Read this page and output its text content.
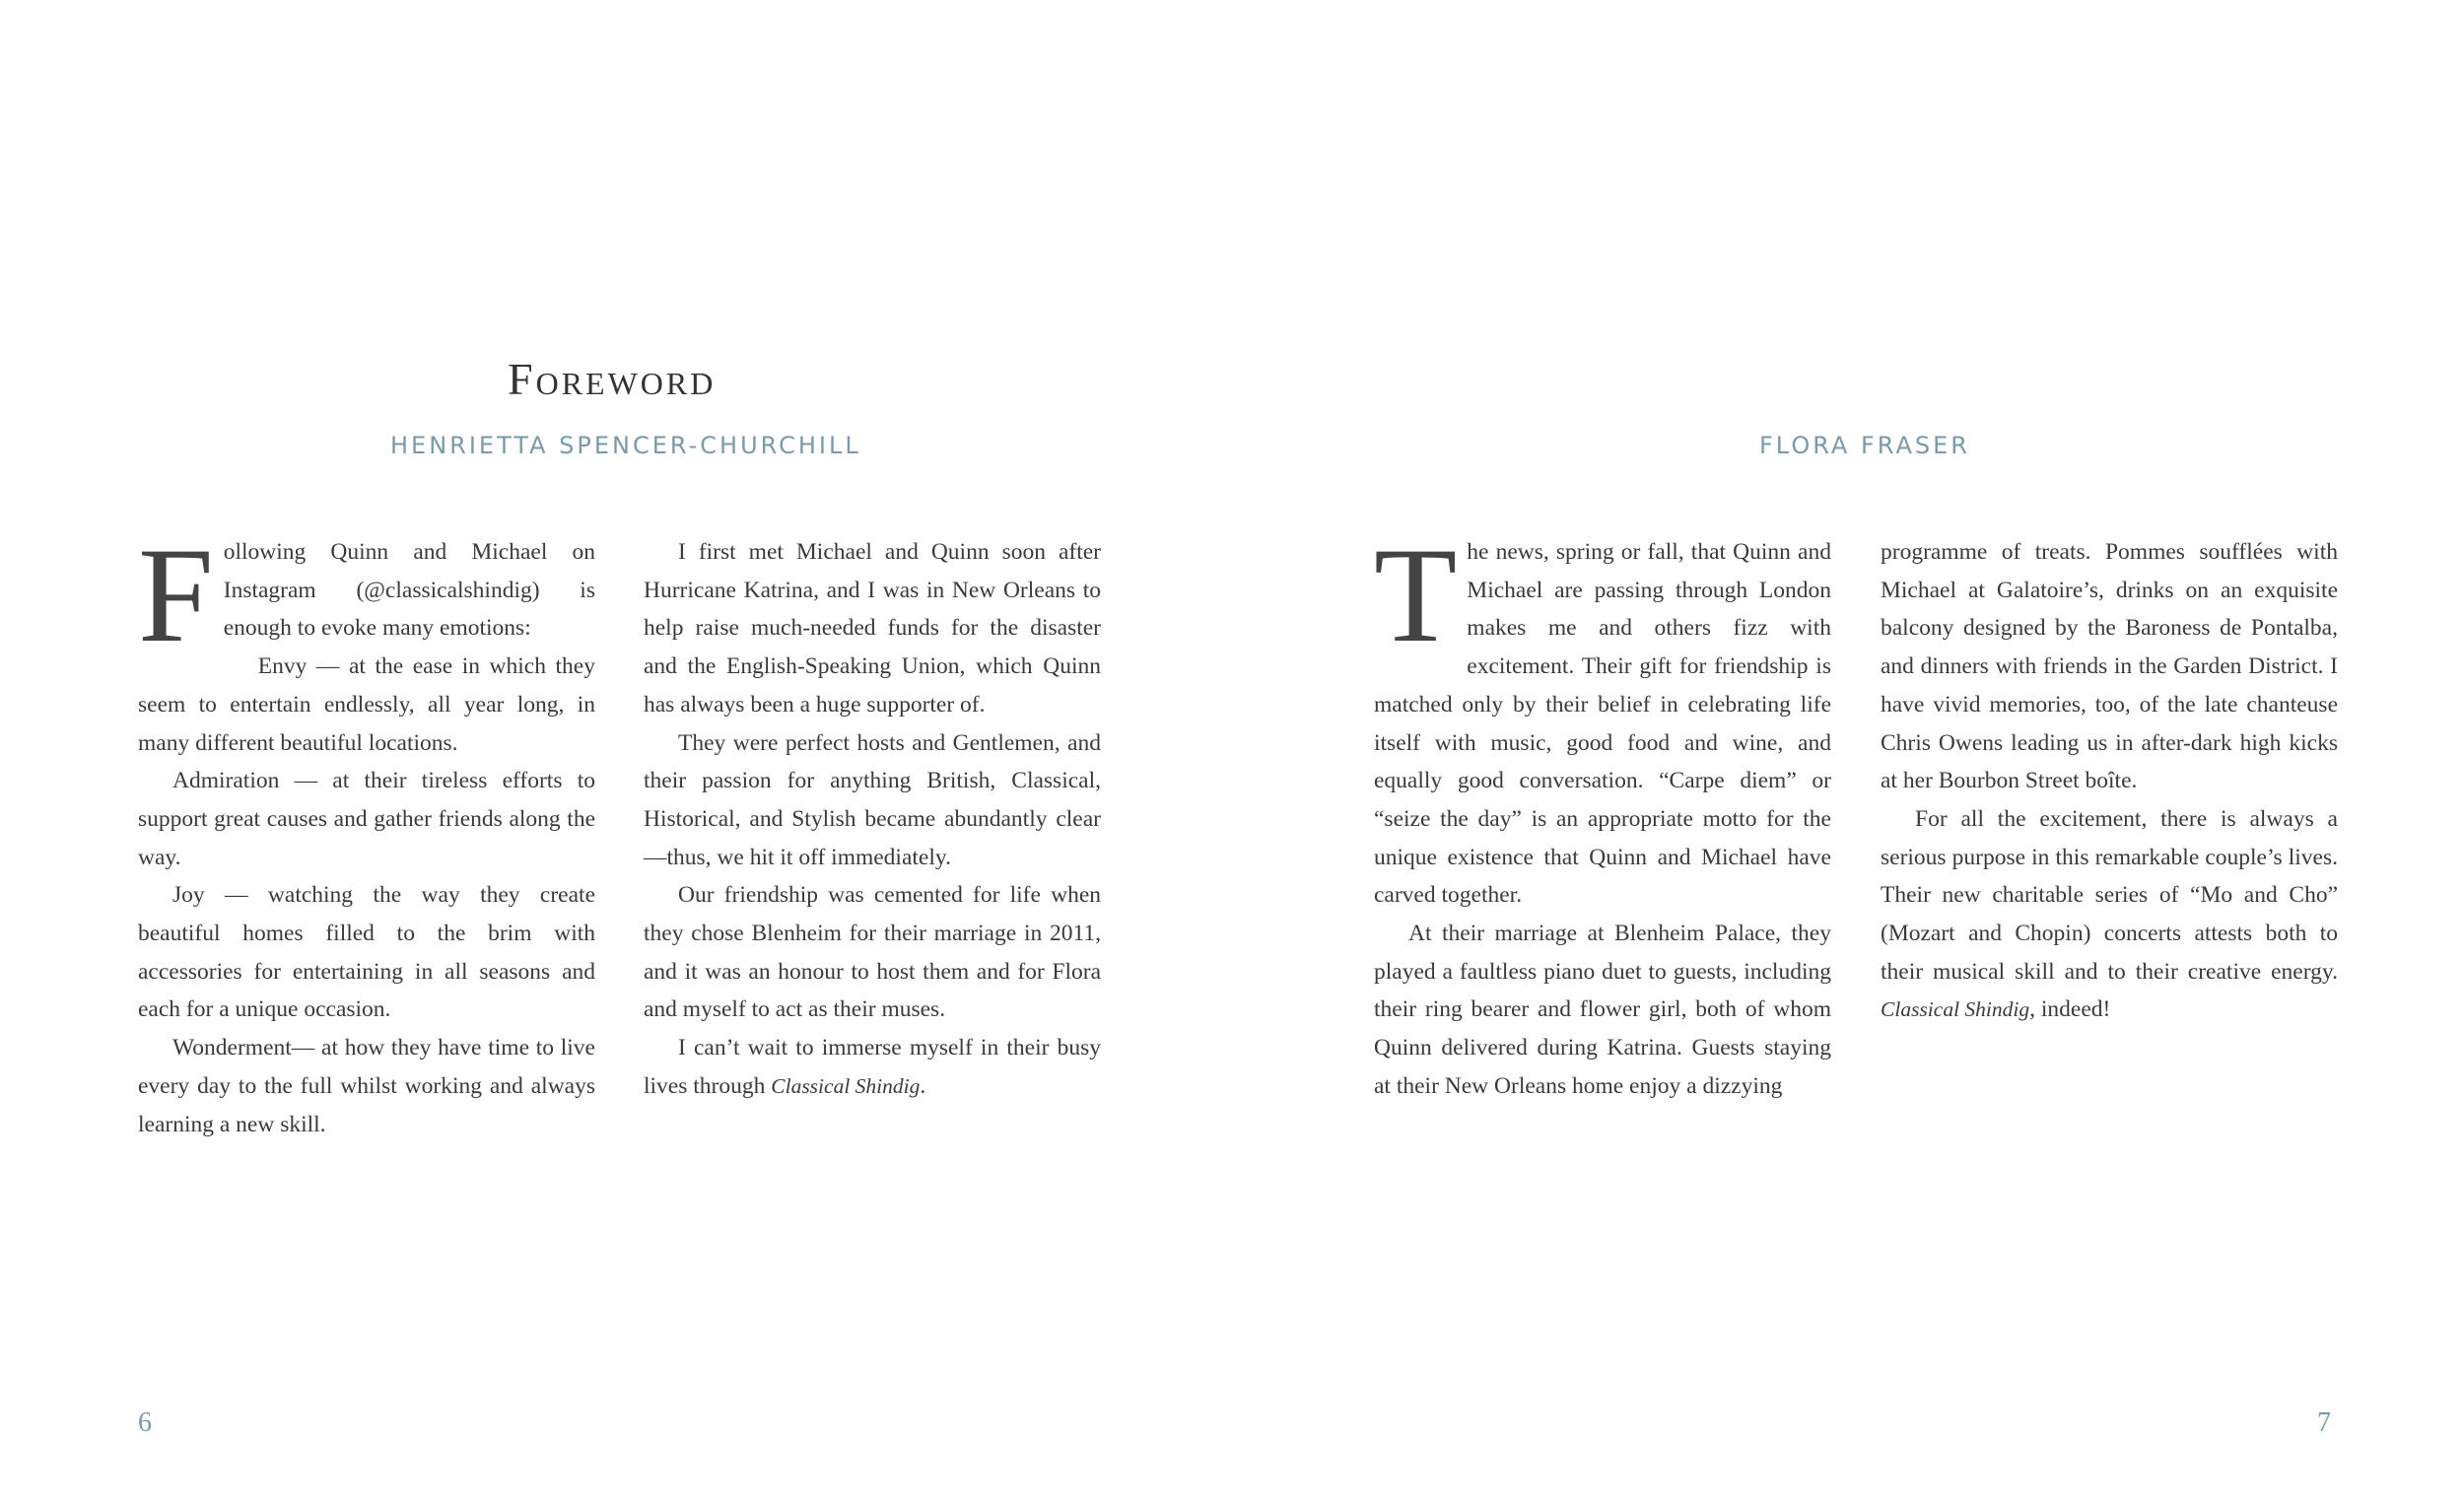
Foreword
HENRIETTA SPENCER-CHURCHILL	FLORA FRASER

Following Quinn and Michael on Instagram (@classicalshindig) is enough to evoke many emotions:

Envy — at the ease in which they seem to entertain endlessly, all year long, in many different beautiful locations.

Admiration — at their tireless efforts to support great causes and gather friends along the way.

Joy — watching the way they create beautiful homes filled to the brim with accessories for entertaining in all seasons and each for a unique occasion.

Wonderment— at how they have time to live every day to the full whilst working and always learning a new skill.

I first met Michael and Quinn soon after Hurricane Katrina, and I was in New Orleans to help raise much-needed funds for the disaster and the English-Speaking Union, which Quinn has always been a huge supporter of.

They were perfect hosts and Gentlemen, and their passion for anything British, Classical, Historical, and Stylish became abundantly clear—thus, we hit it off immediately.

Our friendship was cemented for life when they chose Blenheim for their marriage in 2011, and it was an honour to host them and for Flora and myself to act as their muses.

I can’t wait to immerse myself in their busy lives through Classical Shindig.

The news, spring or fall, that Quinn and Michael are passing through London makes me and others fizz with excitement. Their gift for friendship is matched only by their belief in celebrating life itself with music, good food and wine, and equally good conversation. “Carpe diem” or “seize the day” is an appropriate motto for the unique existence that Quinn and Michael have carved together.

At their marriage at Blenheim Palace, they played a faultless piano duet to guests, including their ring bearer and flower girl, both of whom Quinn delivered during Katrina. Guests staying at their New Orleans home enjoy a dizzying

programme of treats. Pommes soufflées with Michael at Galatoire’s, drinks on an exquisite balcony designed by the Baroness de Pontalba, and dinners with friends in the Garden District. I have vivid memories, too, of the late chanteuse Chris Owens leading us in after-dark high kicks at her Bourbon Street boîte.

For all the excitement, there is always a serious purpose in this remarkable couple’s lives. Their new charitable series of “Mo and Cho” (Mozart and Chopin) concerts attests both to their musical skill and to their creative energy. Classical Shindig, indeed!

6	7
